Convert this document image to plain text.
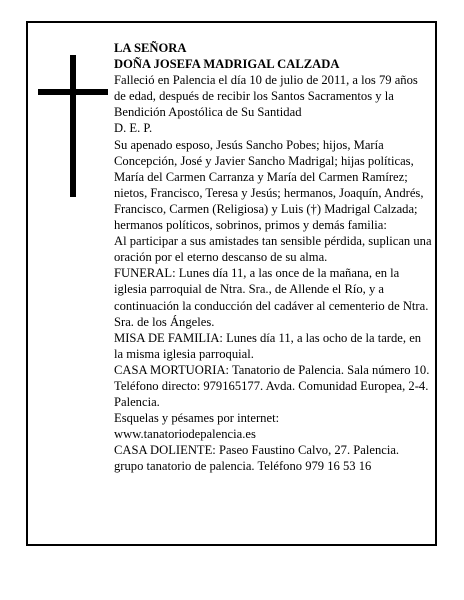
LA SEÑORA

DOÑA JOSEFA MADRIGAL CALZADA

Falleció en Palencia el día 10 de julio de 2011, a los 79 años de edad, después de recibir los Santos Sacramentos y la Bendición Apostólica de Su Santidad

D. E. P.

Su apenado esposo, Jesús Sancho Pobes; hijos, María Concepción, José y Javier Sancho Madrigal; hijas políticas, María del Carmen Carranza y María del Carmen Ramírez; nietos, Francisco, Teresa y Jesús; hermanos, Joaquín, Andrés, Francisco, Carmen (Religiosa) y Luis (†) Madrigal Calzada; hermanos políticos, sobrinos, primos y demás familia:

Al participar a sus amistades tan sensible pérdida, suplican una oración por el eterno descanso de su alma.

FUNERAL: Lunes día 11, a las once de la mañana, en la iglesia parroquial de Ntra. Sra., de Allende el Río, y a continuación la conducción del cadáver al cementerio de Ntra. Sra. de los Ángeles.

MISA DE FAMILIA: Lunes día 11, a las ocho de la tarde, en la misma iglesia parroquial.

CASA MORTUORIA: Tanatorio de Palencia. Sala número 10. Teléfono directo: 979165177. Avda. Comunidad Europea, 2-4. Palencia.

Esquelas y pésames por internet:

www.tanatoriodepalencia.es

CASA DOLIENTE: Paseo Faustino Calvo, 27. Palencia.

grupo tanatorio de palencia. Teléfono 979 16 53 16
